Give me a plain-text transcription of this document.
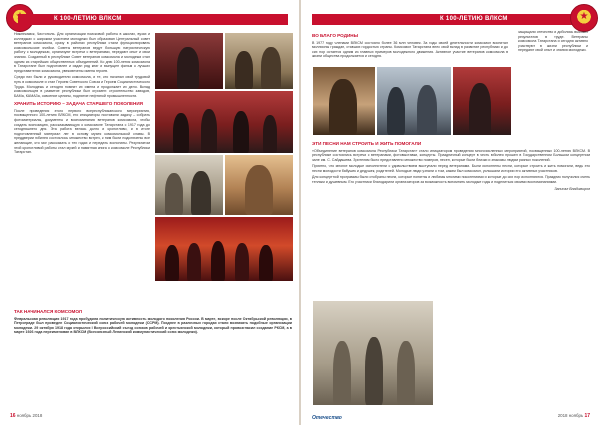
★
К 100-ЛЕТИЮ ВЛКСМ

Нижнекамск, Чистополь. Для организации поисковой работы в школах, вузах и колледжах с широким участием молодежи был образован Центральный совет ветеранов комсомола, сразу в районах республики стали функционировать комсомольские ячейки. Советы ветеранов ведут большую патриотическую работу с молодежью, организуют встречи с ветеранами, передают опыт и свои знания. Созданный в республике Совет ветеранов комсомола и молодежи стал одним из старейших общественных объединений. Ко дню 100-летия комсомола в Татарстане был подготовлен и издан ряд книг и выпущен фильм о лучших представителях комсомола, увековечены имена героев.

Среди них были и руководители комсомола, и те, кто начинал свой трудовой путь в комсомоле и стал Героем Советского Союза и Героем Социалистического Труда. Молодежь и сегодня помнит их имена и продолжает их дело. Вклад комсомольцев в развитие республики был огромен: строительство заводов, БАМа, КАМАЗа, освоение целины, поднятие нефтяной промышленности.

ХРАНИТЬ ИСТОРИЮ – ЗАДАЧА СТАРШЕГО ПОКОЛЕНИЯ

После проведения этого первого всереспубликанского мероприятия, посвященного 100-летию ВЛКСМ, его инициаторы поставили задачу – собрать фотоматериалы, документы и воспоминания ветеранов комсомола, чтобы создать экспозицию, рассказывающую о комсомоле Татарстана с 1917 года до сегодняшнего дня. Эта работа велась долго и кропотливо, и в итоге подготовленный материал лег в основу музея комсомольской славы. В преддверии юбилея состоялось множество встреч, к ним были подключены все желающие, кто мог рассказать о тех годах и передать экспонаты. Результатом этой кропотливой работы стал музей и памятная книга о комсомоле Республики Татарстан.

ТАК НАЧИНАЛСЯ КОМСОМОЛ

Февральская революция 1917 года пробудила политическую активность молодого поколения России. В марте, вскоре после Октябрьской революции, в Петрограде был проведен Социалистический союз рабочей молодежи (ССРМ). Позднее в различных городах стали возникать подобные организации молодежи. 29 октября 1918 года открылся I Всероссийский съезд союзов рабочей и крестьянской молодежи, который провозгласил создание РКСМ, а в марте 1926 года переименован в ВЛКСМ (Всесоюзный Ленинский коммунистический союз молодежи).

16 ноябрь 2018
К 100-ЛЕТИЮ ВЛКСМ
★
ВО БЛАГО РОДИНЫ

В 1977 году членами ВЛКСМ состояло более 36 млн человек. За годы своей деятельности комсомол воспитал миллионы граждан, ставших гордостью страны. Комсомол Татарстана внес свой вклад в развитие республики и до сих пор остается одним из главных примеров молодежного движения. Активное участие ветеранов комсомола в жизни общества продолжается и сегодня.

защищали отечество и добились высоких результатов в труде. Ветераны комсомола Татарстана и сегодня активно участвуют в жизни республики и передают свой опыт и знания молодежи.

ЭТИ ПЕСНИ НАМ СТРОИТЬ И ЖИТЬ ПОМОГАЛИ

«Объединение ветеранов комсомола Республики Татарстан» стало инициатором проведения многочисленных мероприятий, посвященных 100-летию ВЛКСМ. В республике состоялись встречи с ветеранами, фотовыставки, концерты. Праздничный концерт в честь юбилея прошел в Государственном Большом концертном зале им. С. Сайдашева. Зрителям было представлено множество номеров, песен, которые были близки и знакомы людям разных поколений.

Приятно, что многие молодые исполнители с удовольствием выступали перед ветеранами. Были исполнены песни, которые строить и жить помогали, ведь это песни молодости бабушек и дедушек, родителей. Молодые люди узнали о том, каким был комсомол, услышали истории его активных участников.

Для концертной программы были отобраны песни, которые понятны и любимы многими поколениями и которые до сих пор исполняются. Праздник получился очень теплым и душевным. Его участники благодарили организаторов за возможность вспомнить молодые годы и поделиться своими воспоминаниями.

Записал Владимиров
Отечество	2018 ноябрь 17
